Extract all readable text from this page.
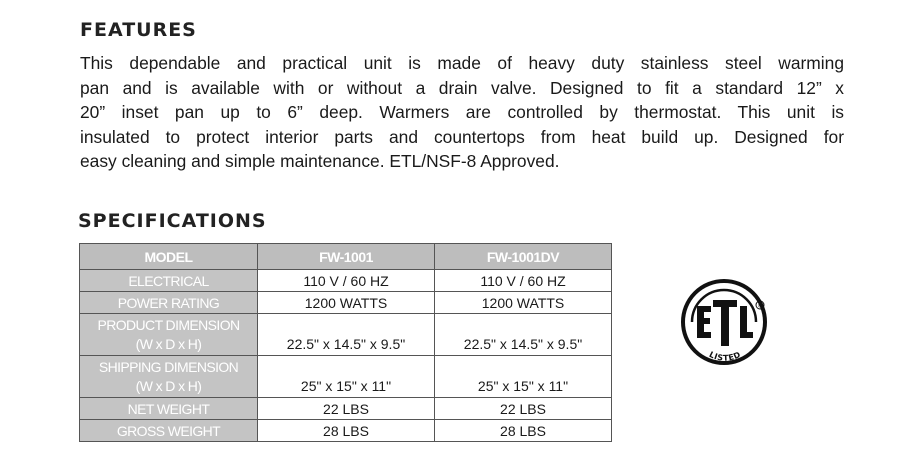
FEATURES
This dependable and practical unit is made of heavy duty stainless steel warming
pan and is available with or without a drain valve. Designed to fit a standard 12” x
20” inset pan up to 6” deep. Warmers are controlled by thermostat. This unit is
insulated to protect interior parts and countertops from heat build up. Designed for
easy cleaning and simple maintenance. ETL/NSF-8 Approved.
SPECIFICATIONS
MODEL	FW-1001	FW-1001DV
ELECTRICAL	110 V / 60 HZ	110 V / 60 HZ
POWER RATING	1200 WATTS	1200 WATTS

PRODUCT DIMENSION
(W x D x H)	22.5" x 14.5" x 9.5"	22.5" x 14.5" x 9.5"

SHIPPING DIMENSION
(W x D x H)	25" x 15" x 11"	25" x 15" x 11"

NET WEIGHT	22 LBS	22 LBS
GROSS WEIGHT	28 LBS	28 LBS
®
LISTED
